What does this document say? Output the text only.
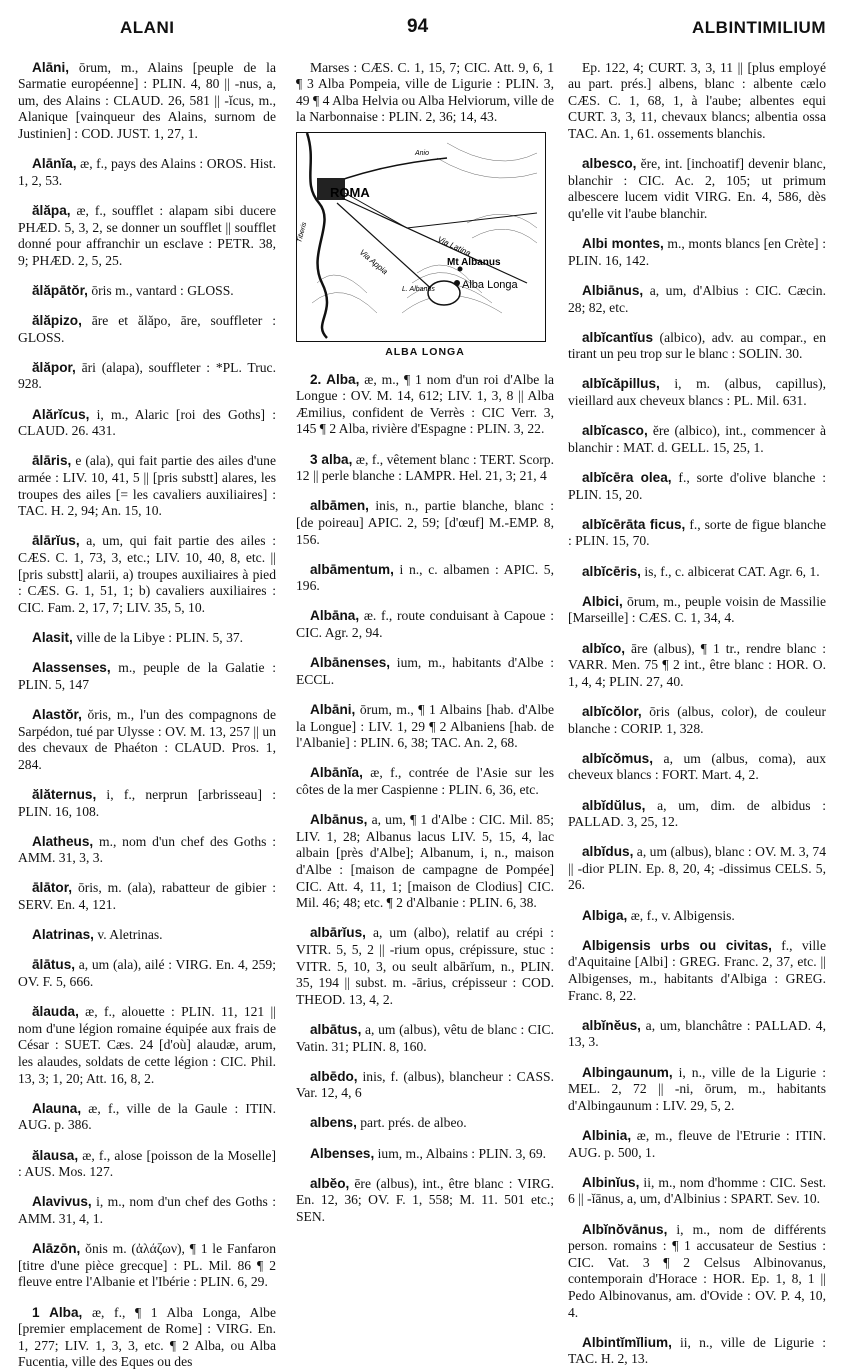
ALANI	94	ALBINTIMILIUM

Alāni, ōrum, m., Alains [peuple de la Sarmatie européenne] : PLIN. 4, 80 || -nus, a, um, des Alains : CLAUD. 26, 581 || -ĭcus, m., Alanique [vainqueur des Alains, surnom de Justinien] : COD. JUST. 1, 27, 1.

Alānĭa, æ, f., pays des Alains : OROS. Hist. 1, 2, 53.

ălăpa, æ, f., soufflet : alapam sibi ducere PHÆD. 5, 3, 2, se donner un soufflet || soufflet donné pour affranchir un esclave : PETR. 38, 9; PHÆD. 2, 5, 25.

ălăpātŏr, ōris m., vantard : GLOSS.

ălăpizo, āre et ălăpo, āre, souffleter : GLOSS.

ălăpor, āri (alapa), souffleter : *PL. Truc. 928.

Alărĭcus, i, m., Alaric [roi des Goths] : CLAUD. 26. 431.

ālāris, e (ala), qui fait partie des ailes d'une armée : LIV. 10, 41, 5 || [pris substt] alares, les troupes des ailes [= les cavaliers auxiliaires] : TAC. H. 2, 94; An. 15, 10.

ālārĭus, a, um, qui fait partie des ailes : CÆS. C. 1, 73, 3, etc.; LIV. 10, 40, 8, etc. || [pris substt] alarii, a) troupes auxiliaires à pied : CÆS. G. 1, 51, 1; b) cavaliers auxiliaires : CIC. Fam. 2, 17, 7; LIV. 35, 5, 10.

Alasit, ville de la Libye : PLIN. 5, 37.

Alassenses, m., peuple de la Galatie : PLIN. 5, 147

Alastŏr, ŏris, m., l'un des compagnons de Sarpédon, tué par Ulysse : OV. M. 13, 257 || un des chevaux de Phaéton : CLAUD. Pros. 1, 284.

ălăternus, i, f., nerprun [arbrisseau] : PLIN. 16, 108.

Alatheus, m., nom d'un chef des Goths : AMM. 31, 3, 3.

ālātor, ōris, m. (ala), rabatteur de gibier : SERV. En. 4, 121.

Alatrinas, v. Aletrinas.

ālātus, a, um (ala), ailé : VIRG. En. 4, 259; OV. F. 5, 666.

ălauda, æ, f., alouette : PLIN. 11, 121 || nom d'une légion romaine équipée aux frais de César : SUET. Cæs. 24 [d'où] alaudæ, arum, les alaudes, soldats de cette légion : CIC. Phil. 13, 3; 1, 20; Att. 16, 8, 2.

Alauna, æ, f., ville de la Gaule : ITIN. AUG. p. 386.

ălausa, æ, f., alose [poisson de la Moselle] : AUS. Mos. 127.

Alavivus, i, m., nom d'un chef des Goths : AMM. 31, 4, 1.

Alāzōn, ŏnis m. (ἀλάζων), ¶ 1 le Fanfaron [titre d'une pièce grecque] : PL. Mil. 86 ¶ 2 fleuve entre l'Albanie et l'Ibérie : PLIN. 6, 29.

1 Alba, æ, f., ¶ 1 Alba Longa, Albe [premier emplacement de Rome] : VIRG. En. 1, 277; LIV. 1, 3, 3, etc. ¶ 2 Alba, ou Alba Fucentia, ville des Eques ou des

Marses : CÆS. C. 1, 15, 7; CIC. Att. 9, 6, 1 ¶ 3 Alba Pompeia, ville de Ligurie : PLIN. 3, 49 ¶ 4 Alba Helvia ou Alba Helviorum, ville de la Narbonnaise : PLIN. 2, 36; 14, 43.

ROMA
Anio
Tiberis
Via Appia
Via Latina
Mt Albanus
L. Albanus Alba Longa
ALBA LONGA

2. Alba, æ, m., ¶ 1 nom d'un roi d'Albe la Longue : OV. M. 14, 612; LIV. 1, 3, 8 || Alba Æmilius, confident de Verrès : CIC Verr. 3, 145 ¶ 2 Alba, rivière d'Espagne : PLIN. 3, 22.

3 alba, æ, f., vêtement blanc : TERT. Scorp. 12 || perle blanche : LAMPR. Hel. 21, 3; 21, 4

albāmen, inis, n., partie blanche, blanc : [de poireau] APIC. 2, 59; [d'œuf] M.-EMP. 8, 156.

albāmentum, i n., c. albamen : APIC. 5, 196.

Albāna, æ. f., route conduisant à Capoue : CIC. Agr. 2, 94.

Albānenses, ium, m., habitants d'Albe : ECCL.

Albāni, ōrum, m., ¶ 1 Albains [hab. d'Albe la Longue] : LIV. 1, 29 ¶ 2 Albaniens [hab. de l'Albanie] : PLIN. 6, 38; TAC. An. 2, 68.

Albānĭa, æ, f., contrée de l'Asie sur les côtes de la mer Caspienne : PLIN. 6, 36, etc.

Albānus, a, um, ¶ 1 d'Albe : CIC. Mil. 85; LIV. 1, 28; Albanus lacus LIV. 5, 15, 4, lac albain [près d'Albe]; Albanum, i, n., maison d'Albe : [maison de campagne de Pompée] CIC. Att. 4, 11, 1; [maison de Clodius] CIC. Mil. 46; 48; etc. ¶ 2 d'Albanie : PLIN. 6, 38.

albārĭus, a, um (albo), relatif au crépi : VITR. 5, 5, 2 || -rium opus, crépissure, stuc : VITR. 5, 10, 3, ou seult albārĭum, n., PLIN. 35, 194 || subst. m. -ārius, crépisseur : COD. THEOD. 13, 4, 2.

albātus, a, um (albus), vêtu de blanc : CIC. Vatin. 31; PLIN. 8, 160.

albēdo, inis, f. (albus), blancheur : CASS. Var. 12, 4, 6

albens, part. prés. de albeo.

Albenses, ium, m., Albains : PLIN. 3, 69.

albĕo, ēre (albus), int., être blanc : VIRG. En. 12, 36; OV. F. 1, 558; M. 11. 501 etc.; SEN.

Ep. 122, 4; CURT. 3, 3, 11 || [plus employé au part. prés.] albens, blanc : albente cælo CÆS. C. 1, 68, 1, à l'aube; albentes equi CURT. 3, 3, 11, chevaux blancs; albentia ossa TAC. An. 1, 61. ossements blanchis.

albesco, ĕre, int. [inchoatif] devenir blanc, blanchir : CIC. Ac. 2, 105; ut primum albescere lucem vidit VIRG. En. 4, 586, dès qu'elle vit l'aube blanchir.

Albi montes, m., monts blancs [en Crète] : PLIN. 16, 142.

Albiānus, a, um, d'Albius : CIC. Cæcin. 28; 82, etc.

albĭcantĭus (albico), adv. au compar., en tirant un peu trop sur le blanc : SOLIN. 30.

albĭcăpillus, i, m. (albus, capillus), vieillard aux cheveux blancs : PL. Mil. 631.

albĭcasco, ĕre (albico), int., commencer à blanchir : MAT. d. GELL. 15, 25, 1.

albĭcēra olea, f., sorte d'olive blanche : PLIN. 15, 20.

albĭcērāta ficus, f., sorte de figue blanche : PLIN. 15, 70.

albĭcēris, is, f., c. albicerat CAT. Agr. 6, 1.

Albici, ōrum, m., peuple voisin de Massilie [Marseille] : CÆS. C. 1, 34, 4.

albĭco, āre (albus), ¶ 1 tr., rendre blanc : VARR. Men. 75 ¶ 2 int., être blanc : HOR. O. 1, 4, 4; PLIN. 27, 40.

albĭcŏlor, ōris (albus, color), de couleur blanche : CORIP. 1, 328.

albĭcŏmus, a, um (albus, coma), aux cheveux blancs : FORT. Mart. 4, 2.

albĭdŭlus, a, um, dim. de albidus : PALLAD. 3, 25, 12.

albĭdus, a, um (albus), blanc : OV. M. 3, 74 || -dior PLIN. Ep. 8, 20, 4; -dissimus CELS. 5, 26.

Albiga, æ, f., v. Albigensis.

Albigensis urbs ou civitas, f., ville d'Aquitaine [Albi] : GREG. Franc. 2, 37, etc. || Albigenses, m., habitants d'Albiga : GREG. Franc. 8, 22.

albĭnĕus, a, um, blanchâtre : PALLAD. 4, 13, 3.

Albingaunum, i, n., ville de la Ligurie : MEL. 2, 72 || -ni, ōrum, m., habitants d'Albingaunum : LIV. 29, 5, 2.

Albinia, æ, m., fleuve de l'Etrurie : ITIN. AUG. p. 500, 1.

Albinĭus, ii, m., nom d'homme : CIC. Sest. 6 || -ĭānus, a, um, d'Albinius : SPART. Sev. 10.

Albĭnŏvānus, i, m., nom de différents person. romains : ¶ 1 accusateur de Sestius : CIC. Vat. 3 ¶ 2 Celsus Albinovanus, contemporain d'Horace : HOR. Ep. 1, 8, 1 || Pedo Albinovanus, am. d'Ovide : OV. P. 4, 10, 4.

Albintĭmĭlium, ii, n., ville de Ligurie : TAC. H. 2, 13.
